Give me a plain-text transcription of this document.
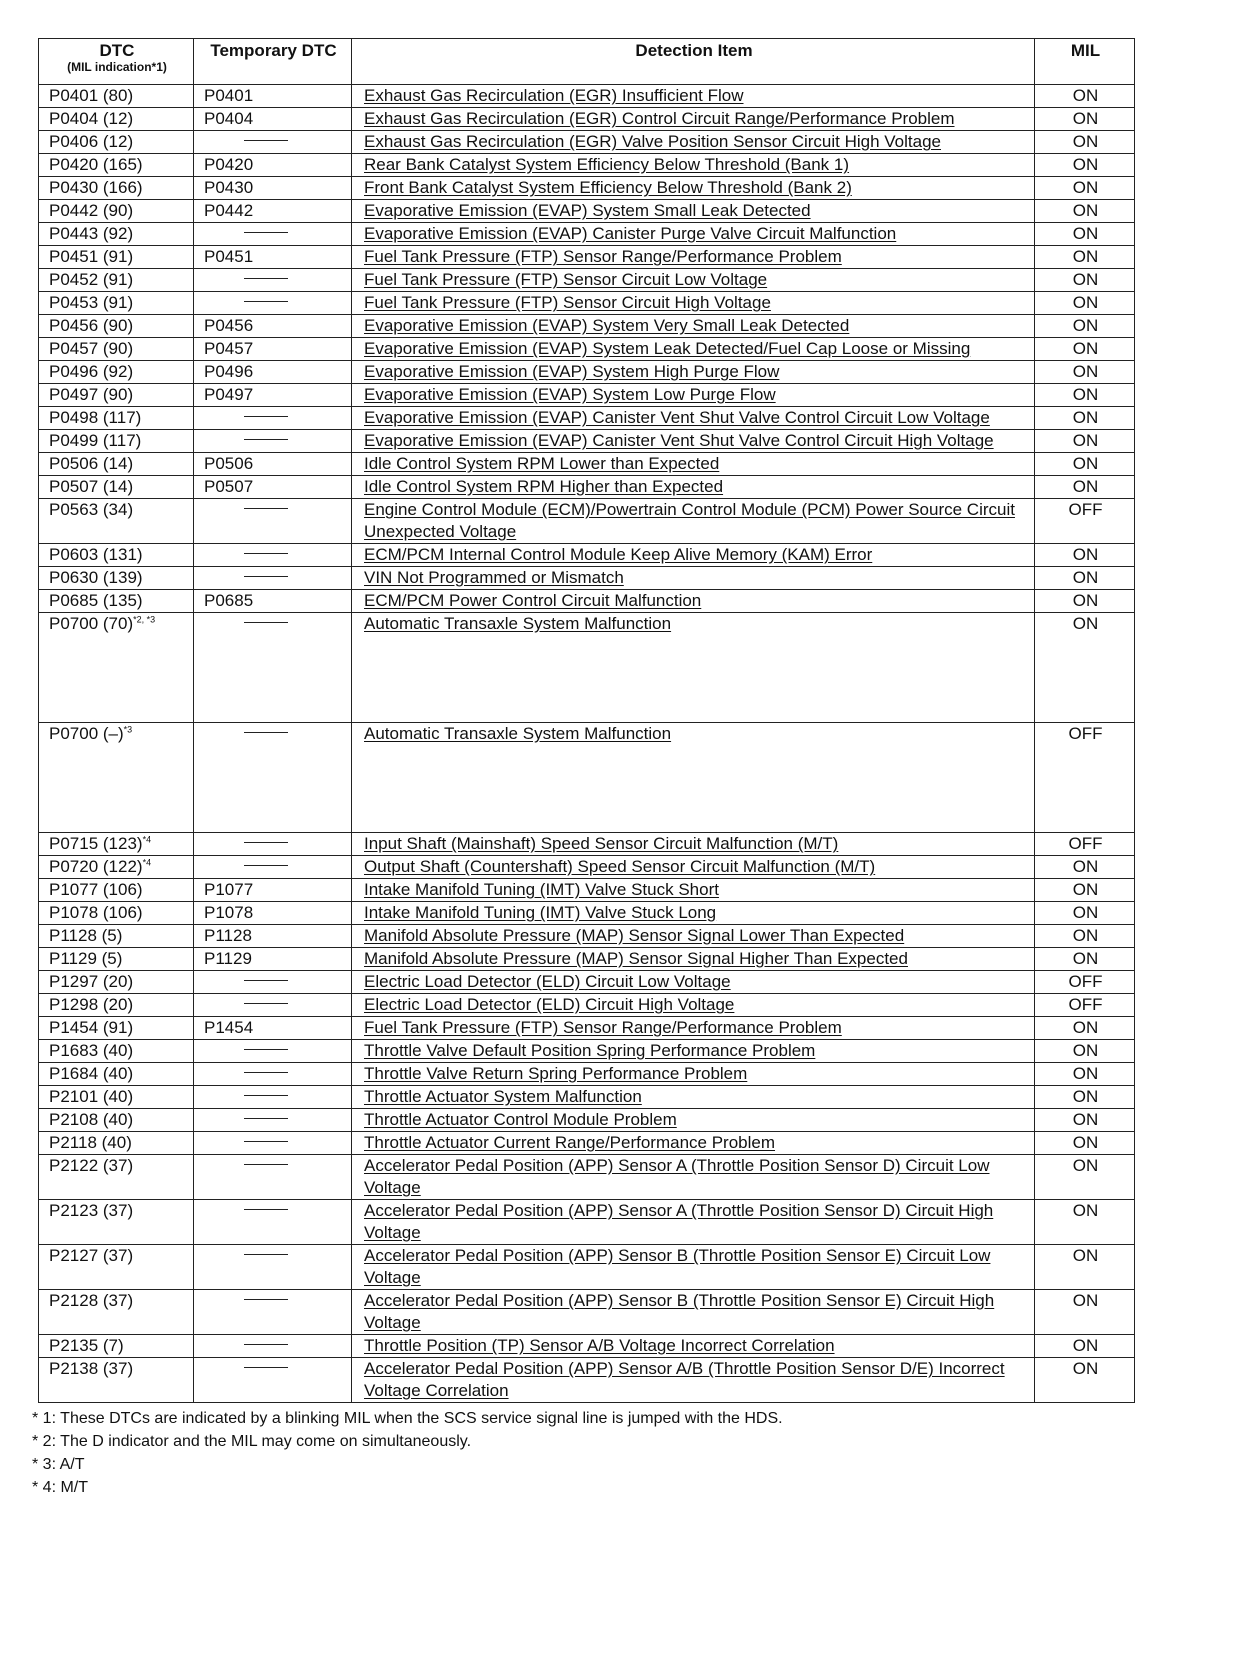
DTC
(MIL indication*1)	Temporary DTC	Detection Item	MIL
P0401 (80)	P0401	Exhaust Gas Recirculation (EGR) Insufficient Flow	ON
P0404 (12)	P0404	Exhaust Gas Recirculation (EGR) Control Circuit Range/Performance Problem	ON
P0406 (12)		Exhaust Gas Recirculation (EGR) Valve Position Sensor Circuit High Voltage	ON
P0420 (165)	P0420	Rear Bank Catalyst System Efficiency Below Threshold (Bank 1)	ON
P0430 (166)	P0430	Front Bank Catalyst System Efficiency Below Threshold (Bank 2)	ON
P0442 (90)	P0442	Evaporative Emission (EVAP) System Small Leak Detected	ON
P0443 (92)		Evaporative Emission (EVAP) Canister Purge Valve Circuit Malfunction	ON
P0451 (91)	P0451	Fuel Tank Pressure (FTP) Sensor Range/Performance Problem	ON
P0452 (91)		Fuel Tank Pressure (FTP) Sensor Circuit Low Voltage	ON
P0453 (91)		Fuel Tank Pressure (FTP) Sensor Circuit High Voltage	ON
P0456 (90)	P0456	Evaporative Emission (EVAP) System Very Small Leak Detected	ON
P0457 (90)	P0457	Evaporative Emission (EVAP) System Leak Detected/Fuel Cap Loose or Missing	ON
P0496 (92)	P0496	Evaporative Emission (EVAP) System High Purge Flow	ON
P0497 (90)	P0497	Evaporative Emission (EVAP) System Low Purge Flow	ON
P0498 (117)		Evaporative Emission (EVAP) Canister Vent Shut Valve Control Circuit Low Voltage	ON
P0499 (117)		Evaporative Emission (EVAP) Canister Vent Shut Valve Control Circuit High Voltage	ON
P0506 (14)	P0506	Idle Control System RPM Lower than Expected	ON
P0507 (14)	P0507	Idle Control System RPM Higher than Expected	ON
P0563 (34)		Engine Control Module (ECM)/Powertrain Control Module (PCM) Power Source Circuit Unexpected Voltage	OFF
P0603 (131)		ECM/PCM Internal Control Module Keep Alive Memory (KAM) Error	ON
P0630 (139)		VIN Not Programmed or Mismatch	ON
P0685 (135)	P0685	ECM/PCM Power Control Circuit Malfunction	ON
P0700 $(70)^{*2, *3}$		Automatic Transaxle System Malfunction	ON
P0700 $(-)^{*3}$		Automatic Transaxle System Malfunction	OFF
P0715 $(123)^{*4}$		Input Shaft (Mainshaft) Speed Sensor Circuit Malfunction (M/T)	OFF
P0720 $(122)^{*4}$		Output Shaft (Countershaft) Speed Sensor Circuit Malfunction (M/T)	ON
P1077 (106)	P1077	Intake Manifold Tuning (IMT) Valve Stuck Short	ON
P1078 (106)	P1078	Intake Manifold Tuning (IMT) Valve Stuck Long	ON
P1128 (5)	P1128	Manifold Absolute Pressure (MAP) Sensor Signal Lower Than Expected	ON
P1129 (5)	P1129	Manifold Absolute Pressure (MAP) Sensor Signal Higher Than Expected	ON
P1297 (20)		Electric Load Detector (ELD) Circuit Low Voltage	OFF
P1298 (20)		Electric Load Detector (ELD) Circuit High Voltage	OFF
P1454 (91)	P1454	Fuel Tank Pressure (FTP) Sensor Range/Performance Problem	ON
P1683 (40)		Throttle Valve Default Position Spring Performance Problem	ON
P1684 (40)		Throttle Valve Return Spring Performance Problem	ON
P2101 (40)		Throttle Actuator System Malfunction	ON
P2108 (40)		Throttle Actuator Control Module Problem	ON
P2118 (40)		Throttle Actuator Current Range/Performance Problem	ON
P2122 (37)		Accelerator Pedal Position (APP) Sensor A (Throttle Position Sensor D) Circuit Low Voltage	ON
P2123 (37)		Accelerator Pedal Position (APP) Sensor A (Throttle Position Sensor D) Circuit High Voltage	ON
P2127 (37)		Accelerator Pedal Position (APP) Sensor B (Throttle Position Sensor E) Circuit Low Voltage	ON
P2128 (37)		Accelerator Pedal Position (APP) Sensor B (Throttle Position Sensor E) Circuit High Voltage	ON
P2135 (7)		Throttle Position (TP) Sensor A/B Voltage Incorrect Correlation	ON
P2138 (37)		Accelerator Pedal Position (APP) Sensor A/B (Throttle Position Sensor D/E) Incorrect Voltage Correlation	ON
* 1: These DTCs are indicated by a blinking MIL when the SCS service signal line is jumped with the HDS.
* 2: The D indicator and the MIL may come on simultaneously.
* 3: A/T
* 4: M/T
